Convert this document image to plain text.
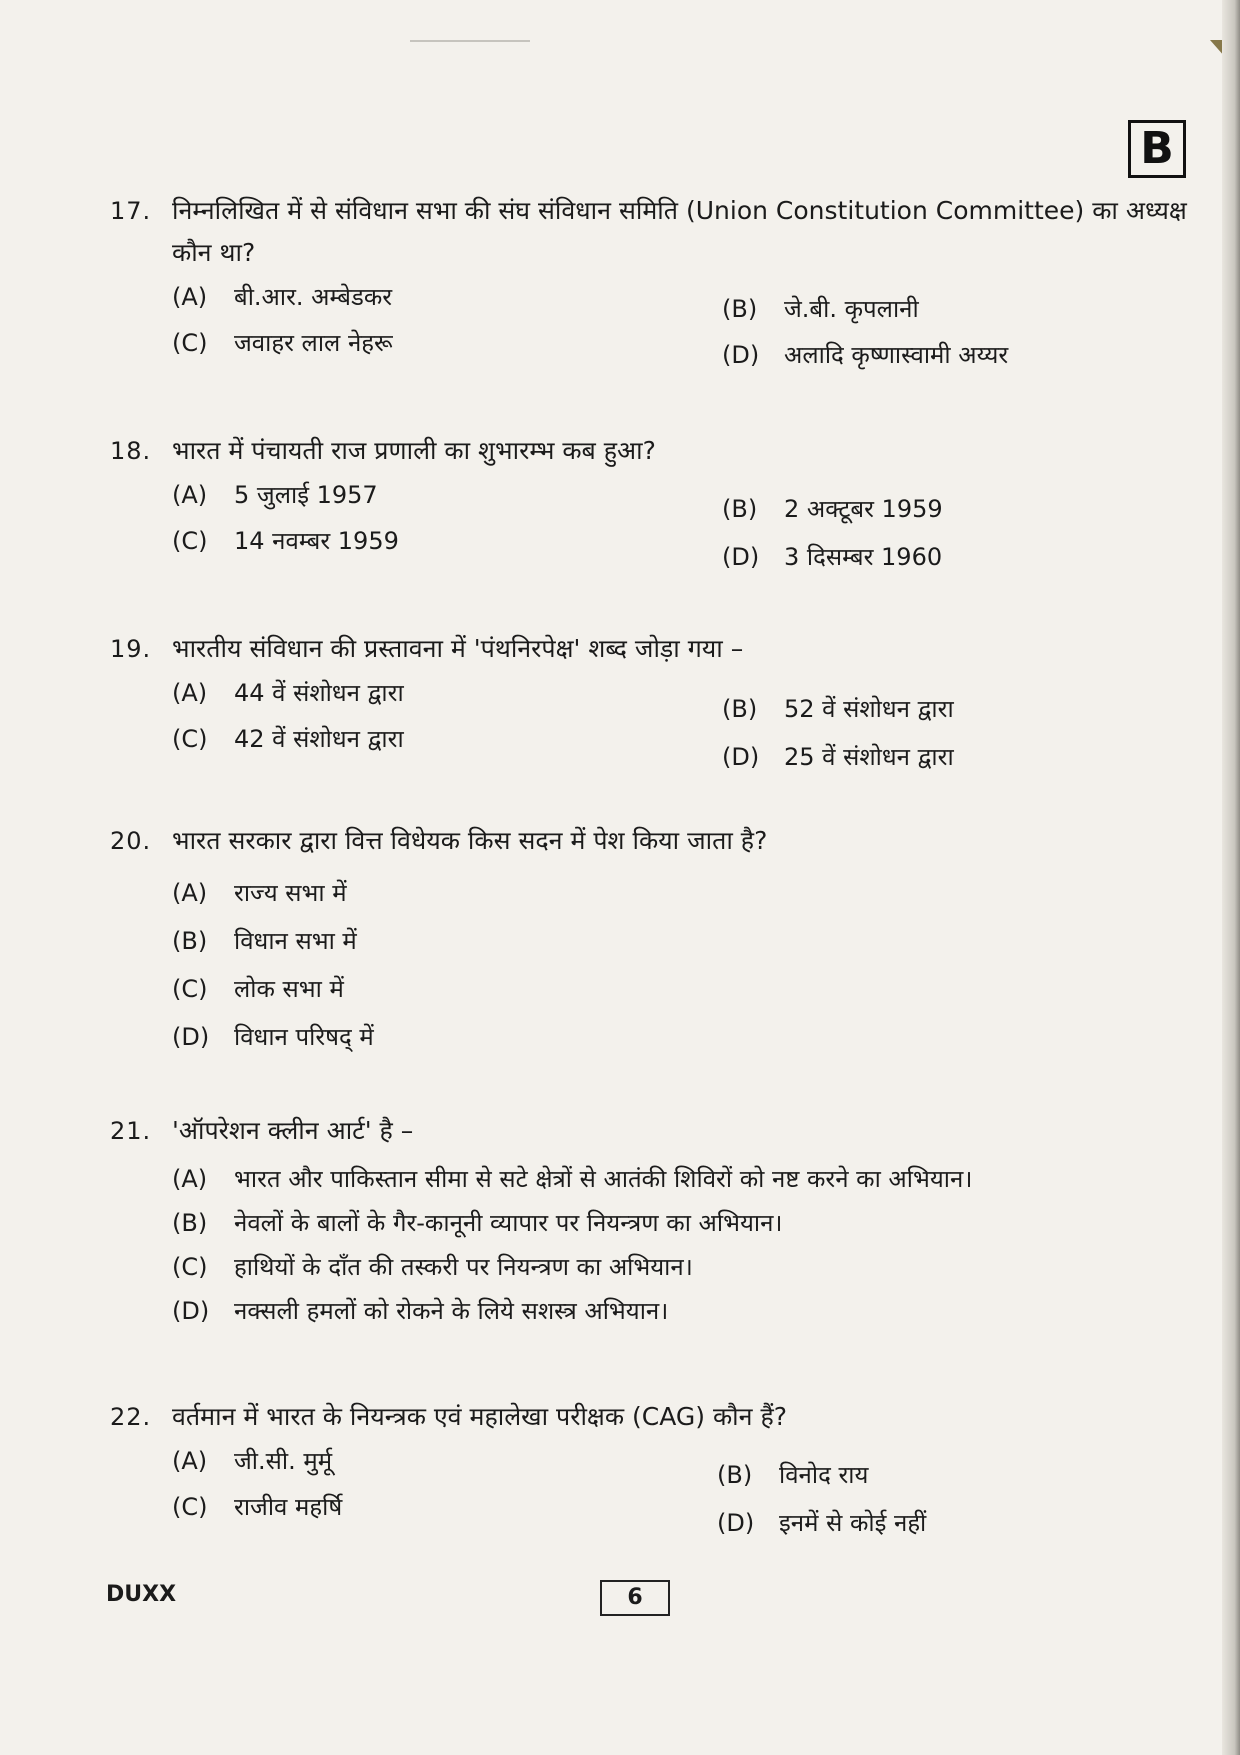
B
17. निम्नलिखित में से संविधान सभा की संघ संविधान समिति (Union Constitution Committee) का अध्यक्ष कौन था?
(A)	बी.आर. अम्बेडकर	(B)	जे.बी. कृपलानी
(C)	जवाहर लाल नेहरू	(D)	अलादि कृष्णास्वामी अय्यर
18. भारत में पंचायती राज प्रणाली का शुभारम्भ कब हुआ?
(A)	5 जुलाई 1957	(B)	2 अक्टूबर 1959
(C)	14 नवम्बर 1959
(D)	3 दिसम्बर 1960
19. भारतीय संविधान की प्रस्तावना में 'पंथनिरपेक्ष' शब्द जोड़ा गया –
(A)	44 वें संशोधन द्वारा
(B)	52 वें संशोधन द्वारा
(C)	42 वें संशोधन द्वारा
(D)	25 वें संशोधन द्वारा
20. भारत सरकार द्वारा वित्त विधेयक किस सदन में पेश किया जाता है?
(A)	राज्य सभा में
(B)	विधान सभा में
(C)	लोक सभा में
(D)	विधान परिषद् में
21. 'ऑपरेशन क्लीन आर्ट' है –
(A)	भारत और पाकिस्तान सीमा से सटे क्षेत्रों से आतंकी शिविरों को नष्ट करने का अभियान।
(B)	नेवलों के बालों के गैर-कानूनी व्यापार पर नियन्त्रण का अभियान।
(C)	हाथियों के दाँत की तस्करी पर नियन्त्रण का अभियान।
(D)	नक्सली हमलों को रोकने के लिये सशस्त्र अभियान।
22. वर्तमान में भारत के नियन्त्रक एवं महालेखा परीक्षक (CAG) कौन हैं?
(A)	जी.सी. मुर्मू	(B)	विनोद राय
(C)	राजीव महर्षि
(D)	इनमें से कोई नहीं
DUXX	6
